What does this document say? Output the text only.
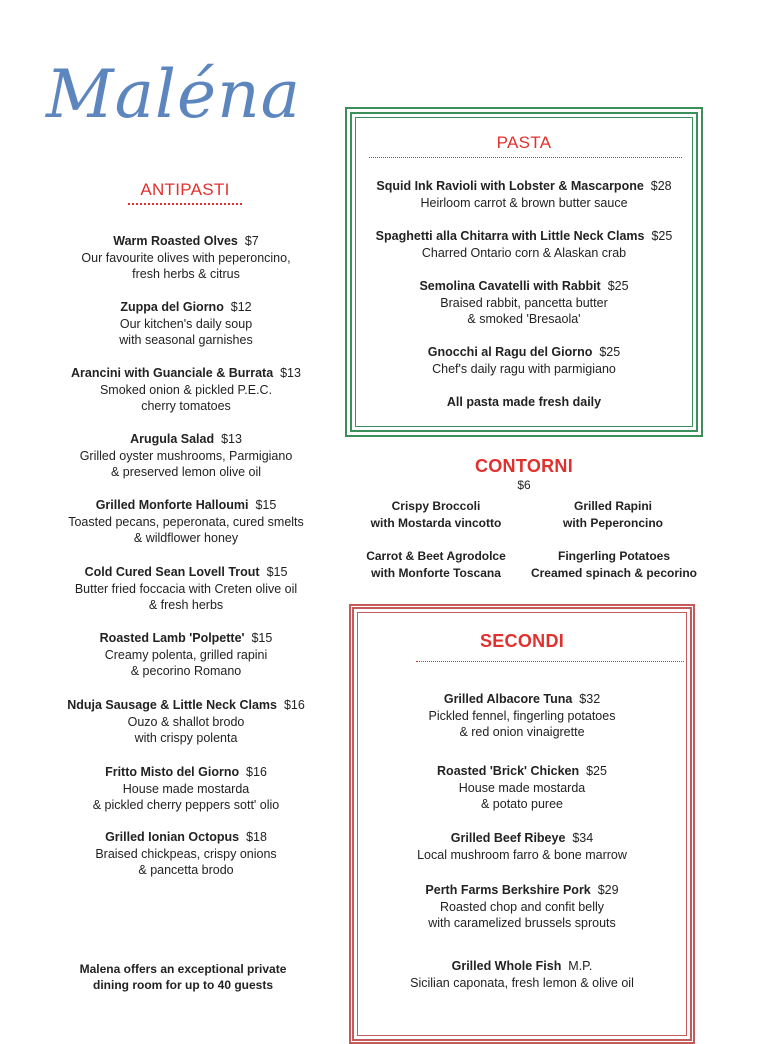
Maléna
ANTIPASTI
Warm Roasted Olves $7
Our favourite olives with peperoncino,
fresh herbs & citrus
Zuppa del Giorno $12
Our kitchen's daily soup
with seasonal garnishes
Arancini with Guanciale & Burrata $13
Smoked onion & pickled P.E.C.
cherry tomatoes
Arugula Salad $13
Grilled oyster mushrooms, Parmigiano
& preserved lemon olive oil
Grilled Monforte Halloumi $15
Toasted pecans, peperonata, cured smelts
& wildflower honey
Cold Cured Sean Lovell Trout $15
Butter fried foccacia with Creten olive oil
& fresh herbs
Roasted Lamb 'Polpette' $15
Creamy polenta, grilled rapini
& pecorino Romano
Nduja Sausage & Little Neck Clams $16
Ouzo & shallot brodo
with crispy polenta
Fritto Misto del Giorno $16
House made mostarda
& pickled cherry peppers sott' olio
Grilled Ionian Octopus $18
Braised chickpeas, crispy onions
& pancetta brodo
Malena offers an exceptional private
dining room for up to 40 guests
PASTA
Squid Ink Ravioli with Lobster & Mascarpone $28
Heirloom carrot & brown butter sauce
Spaghetti alla Chitarra with Little Neck Clams $25
Charred Ontario corn & Alaskan crab
Semolina Cavatelli with Rabbit $25
Braised rabbit, pancetta butter
& smoked 'Bresaola'
Gnocchi al Ragu del Giorno $25
Chef's daily ragu with parmigiano
All pasta made fresh daily
CONTORNI
$6
Crispy Broccoli
with Mostarda vincotto
Grilled Rapini
with Peperoncino
Carrot & Beet Agrodolce
with Monforte Toscana
Fingerling Potatoes
Creamed spinach & pecorino
SECONDI
Grilled Albacore Tuna $32
Pickled fennel, fingerling potatoes
& red onion vinaigrette
Roasted 'Brick' Chicken $25
House made mostarda
& potato puree
Grilled Beef Ribeye $34
Local mushroom farro & bone marrow
Perth Farms Berkshire Pork $29
Roasted chop and confit belly
with caramelized brussels sprouts
Grilled Whole Fish M.P.
Sicilian caponata, fresh lemon & olive oil
